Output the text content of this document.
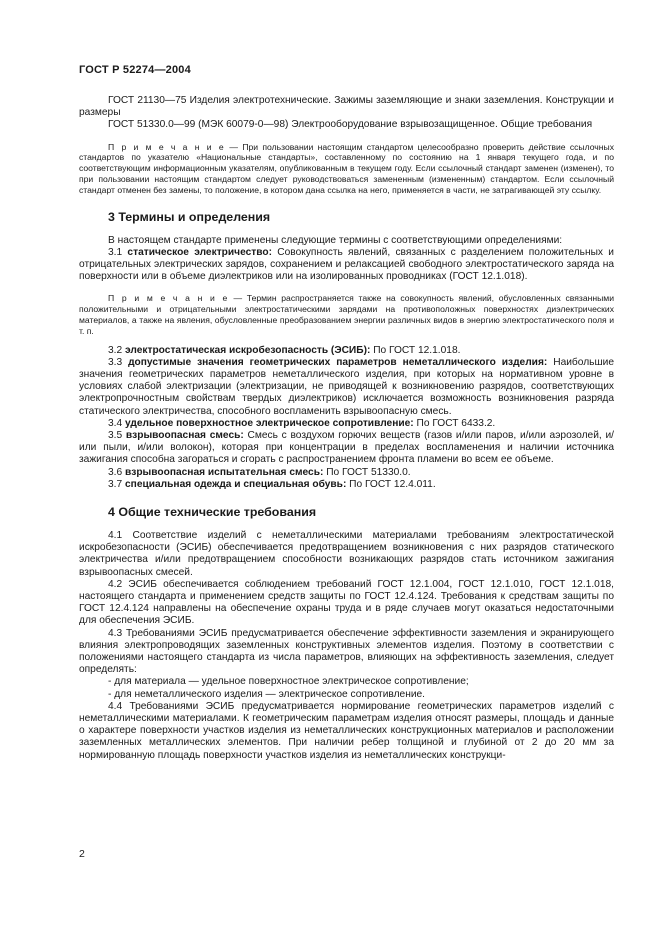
ГОСТ Р 52274—2004

ГОСТ 21130—75 Изделия электротехнические. Зажимы заземляющие и знаки заземления. Конструкции и размеры

ГОСТ 51330.0—99 (МЭК 60079-0—98) Электрооборудование взрывозащищенное. Общие требования

П р и м е ч а н и е — При пользовании настоящим стандартом целесообразно проверить действие ссылочных стандартов по указателю «Национальные стандарты», составленному по состоянию на 1 января текущего года, и по соответствующим информационным указателям, опубликованным в текущем году. Если ссылочный стандарт заменен (изменен), то при пользовании настоящим стандартом следует руководствоваться замененным (измененным) стандартом. Если ссылочный стандарт отменен без замены, то положение, в котором дана ссылка на него, применяется в части, не затрагивающей эту ссылку.

3 Термины и определения

В настоящем стандарте применены следующие термины с соответствующими определениями:

3.1 статическое электричество: Совокупность явлений, связанных с разделением положительных и отрицательных электрических зарядов, сохранением и релаксацией свободного электростатического заряда на поверхности или в объеме диэлектриков или на изолированных проводниках (ГОСТ 12.1.018).

П р и м е ч а н и е — Термин распространяется также на совокупность явлений, обусловленных связанными положительными и отрицательными электростатическими зарядами на противоположных поверхностях диэлектрических материалов, а также на явления, обусловленные преобразованием энергии различных видов в энергию электростатического поля и т. п.

3.2 электростатическая искробезопасность (ЭСИБ): По ГОСТ 12.1.018.

3.3 допустимые значения геометрических параметров неметаллического изделия: Наибольшие значения геометрических параметров неметаллического изделия, при которых на нормативном уровне в условиях слабой электризации (электризации, не приводящей к возникновению разрядов, соответствующих электропрочностным свойствам твердых диэлектриков) исключается возможность возникновения разряда статического электричества, способного воспламенить взрывоопасную смесь.

3.4 удельное поверхностное электрическое сопротивление: По ГОСТ 6433.2.

3.5 взрывоопасная смесь: Смесь с воздухом горючих веществ (газов и/или паров, и/или аэрозолей, и/или пыли, и/или волокон), которая при концентрации в пределах воспламенения и наличии источника зажигания способна загораться и сгорать с распространением фронта пламени во всем ее объеме.

3.6 взрывоопасная испытательная смесь: По ГОСТ 51330.0.

3.7 специальная одежда и специальная обувь: По ГОСТ 12.4.011.

4 Общие технические требования

4.1 Соответствие изделий с неметаллическими материалами требованиям электростатической искробезопасности (ЭСИБ) обеспечивается предотвращением возникновения с них разрядов статического электричества и/или предотвращением способности возникающих разрядов стать источником зажигания взрывоопасных смесей.

4.2 ЭСИБ обеспечивается соблюдением требований ГОСТ 12.1.004, ГОСТ 12.1.010, ГОСТ 12.1.018, настоящего стандарта и применением средств защиты по ГОСТ 12.4.124. Требования к средствам защиты по ГОСТ 12.4.124 направлены на обеспечение охраны труда и в ряде случаев могут оказаться недостаточными для обеспечения ЭСИБ.

4.3 Требованиями ЭСИБ предусматривается обеспечение эффективности заземления и экранирующего влияния электропроводящих заземленных конструктивных элементов изделия. Поэтому в соответствии с положениями настоящего стандарта из числа параметров, влияющих на эффективность заземления, следует определять:

- для материала — удельное поверхностное электрическое сопротивление;

- для неметаллического изделия — электрическое сопротивление.

4.4 Требованиями ЭСИБ предусматривается нормирование геометрических параметров изделий с неметаллическими материалами. К геометрическим параметрам изделия относят размеры, площадь и данные о характере поверхности участков изделия из неметаллических конструкционных материалов и расположении заземленных металлических элементов. При наличии ребер толщиной и глубиной от 2 до 20 мм за нормированную площадь поверхности участков изделия из неметаллических конструкци-

2
